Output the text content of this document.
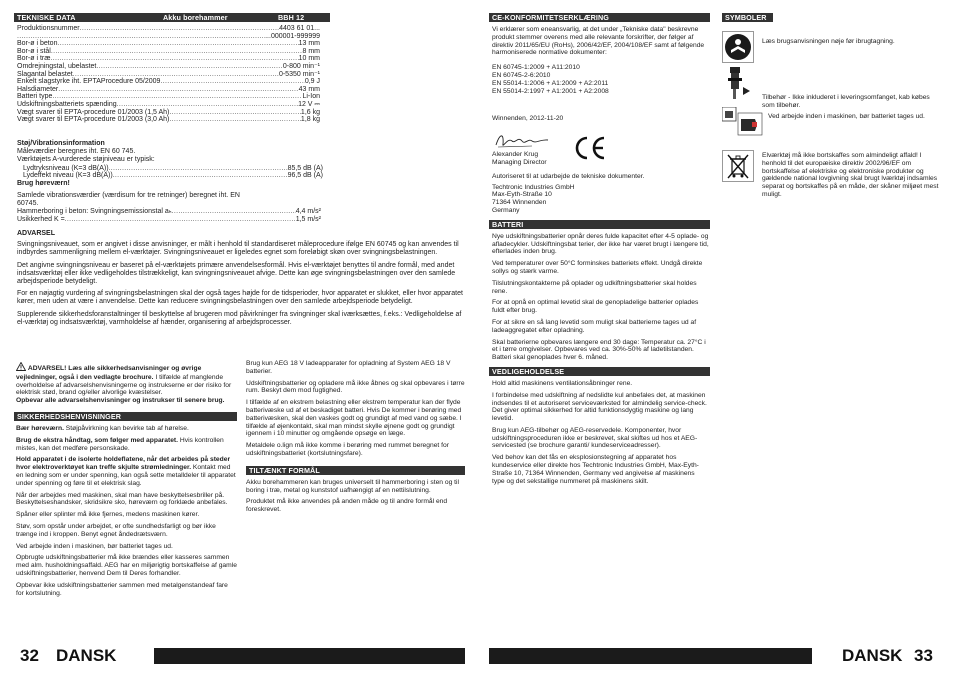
TEKNISKE DATA	Akku borehammer	BBH 12
Produktionsnummer .....	4403 61 01...
.....
...000001-999999
Bor-ø i beton .....	13 mm
Bor-ø i stål .....	8 mm
Bor-ø i træ .....	10 mm
Omdrejningstal, ubelastet .....	0-800 min⁻¹
Slagantal belastet .....	0-5350 min⁻¹
Enkelt slagstyrke iht. EPTAProcedure 05/2009 .....	0,9 J
Halsdiameter .....	43 mm
Batteri type .....	Li-Ion
Udskiftningsbatteriets spænding .....	12 V ⎓
Vægt svarer til EPTA-procedure 01/2003 (1,5 Ah) .....	1,6 kg
Vægt svarer til EPTA-procedure 01/2003 (3,0 Ah) .....	1,8 kg

Støj/Vibrationsinformation

Måleværdier beregnes iht. EN 60 745.

Værktøjets A-vurderede støjniveau er typisk:

Lydtryksniveau (K=3 dB(A)) .....	85,5 dB (A)
Lydeffekt niveau (K=3 dB(A)) .....	96,5 dB (A)

Brug høreværn!

Samlede vibrationsværdier (værdisum for tre retninger) beregnet iht. EN 60745.

Hammerboring i beton: Svingningsemissionstal aₕ .....	4,4 m/s²
Usikkerhed K = .....	1,5 m/s²

ADVARSEL

Svingningsniveauet, som er angivet i disse anvisninger, er målt i henhold til standardiseret måleprocedure ifølge EN 60745 og kan anvendes til indbyrdes sammenligning mellem el-værktøjer. Svingningsniveauet er ligeledes egnet som foreløbigt skøn over svingningsbelastningen.

Det angivne svingningsniveau er baseret på el-værktøjets primære anvendelsesformål. Hvis el-værktøjet benyttes til andre formål, med andet indsatsværktøj eller ikke vedligeholdes tilstrækkeligt, kan svingningsniveauet afvige. Dette kan øge svingningsbelastningen over den samlede arbejdsperiode betydeligt.

For en nøjagtig vurdering af svingningsbelastningen skal der også tages højde for de tidsperioder, hvor apparatet er slukket, eller hvor apparatet kører, men uden at være i anvendelse. Dette kan reducere svingningsbelastningen over den samlede arbejdsperiode betydeligt.

Supplerende sikkerhedsforanstaltninger til beskyttelse af brugeren mod påvirkninger fra svingninger skal iværksættes, f.eks.: Vedligeholdelse af el-værktøj og indsatsværktøj, varmholdelse af hænder, organisering af arbejdsprocesser.

ADVARSEL! Læs alle sikkerhedsanvisninger og øvrige vejledninger, også i den vedlagte brochure. I tilfælde af manglende overholdelse af advarselshenvisningerne og instrukserne er der risiko for elektrisk stød, brand og/eller alvorlige kvæstelser.
Opbevar alle advarselshenvisninger og instrukser til senere brug.

SIKKERHEDSHENVISNINGER

Bær høreværn. Støjpåvirkning kan bevirke tab af hørelse.

Brug de ekstra håndtag, som følger med apparatet. Hvis kontrollen mistes, kan det medføre personskade.

Hold apparatet i de isolerte holdeflatene, når det arbeides på steder hvor elektroverktøyet kan treffe skjulte strømledninger. Kontakt med en ledning som er under spenning, kan også sette metalldeler til apparatet under spenning og føre til et elektrisk slag.

Når der arbejdes med maskinen, skal man have beskyttelsesbriller på. Beskyttelseshandsker, skridsikre sko, høreværn og forklæde anbefales.

Spåner eller splinter må ikke fjernes, medens maskinen kører.

Støv, som opstår under arbejdet, er ofte sundhedsfarligt og bør ikke trænge ind i kroppen. Benyt egnet åndedrætsværn.

Ved arbejde inden i maskinen, bør batteriet tages ud.

Opbrugte udskiftningsbatterier må ikke brændes eller kasseres sammen med alm. husholdningsaffald. AEG har en miljørigtig bortskaffelse af gamle udskiftningsbatterier, henvend Dem til Deres forhandler.

Opbevar ikke udskiftningsbatterier sammen med metalgenstandeaf fare for kortslutning.

Brug kun AEG 18 V ladeapparater for opladning af System AEG 18 V batterier.

Udskiftningsbatterier og opladere må ikke åbnes og skal opbevares i tørre rum. Beskyt dem mod fugtighed.

I tilfælde af en ekstrem belastning eller ekstrem temperatur kan der flyde batterivæske ud af et beskadiget batteri. Hvis De kommer i berøring med batterivæsken, skal den vaskes godt og grundigt af med vand og sæbe. I tilfælde af øjenkontakt, skal man mindst skylle øjnene godt og grundigt igennem i 10 minutter og omgående opsøge en læge.

Metaldele o.lign må ikke komme i berøring med rummet beregnet for udskiftningsbatteriet (kortslutningsfare).

TILTÆNKT FORMÅL

Akku borehammeren kan bruges universelt til hammerboring i sten og til boring i træ, metal og kunststof uafhængigt af en nettilslutning.

Produktet må ikke anvendes på anden måde og til andre formål end foreskrevet.

32 DANSK
CE-KONFORMITETSERKLÆRING

Vi erklærer som eneansvarlig, at det under „Tekniske data" beskrevne produkt stemmer overens med alle relevante forskrifter, der følger af direktiv 2011/65/EU (RoHs), 2006/42/EF, 2004/108/EF samt af følgende harmoniserede normative dokumenter:

EN 60745-1:2009 + A11:2010

EN 60745-2-6:2010

EN 55014-1:2006 + A1:2009 + A2:2011

EN 55014-2:1997 + A1:2001 + A2:2008

Winnenden, 2012-11-20

Alexander Krug

Managing Director

Autoriseret til at udarbejde de tekniske dokumenter.

Techtronic Industries GmbH

Max-Eyth-Straße 10

71364 Winnenden

Germany

BATTERI

Nye udskiftningsbatterier opnår deres fulde kapacitet efter 4-5 oplade- og afladecykler. Udskiftningsbat terier, der ikke har været brugt i længere tid, efterlades inden brug.

Ved temperaturer over 50°C forminskes batteriets effekt. Undgå direkte sollys og stærk varme.

Tilslutningskontakterne på oplader og udkiftningsbatterier skal holdes rene.

For at opnå en optimal levetid skal de genopladelige batterier oplades fuldt efter brug.

For at sikre en så lang levetid som muligt skal batterierne tages ud af ladeaggregatet efter opladning.

Skal batterierne opbevares længere end 30 dage: Temperatur ca. 27°C i et i tørre omgivelser. Opbevares ved ca. 30%-50% af ladetilstanden. Batteri skal genoplades hver 6. måned.

VEDLIGEHOLDELSE

Hold altid maskinens ventilationsåbninger rene.

I forbindelse med udskiftning af nedslidte kul anbefales det, at maskinen indsendes til et autoriseret serviceværksted for almindelig service-check. Det giver optimal sikkerhed for altid funktionsdygtig maskine og lang levetid.

Brug kun AEG-tilbehør og AEG-reservedele. Komponenter, hvor udskiftningsproceduren ikke er beskrevet, skal skiftes ud hos et AEG-servicested (se brochure garanti/ kundeserviceadresser).

Ved behov kan det fås en eksplosionstegning af apparatet hos kundeservice eller direkte hos Techtronic Industries GmbH, Max-Eyth-Straße 10, 71364 Winnenden, Germany ved angivelse af maskinens type og det sekstallige nummeret på maskinens skilt.

SYMBOLER

Læs brugsanvisningen nøje før ibrugtagning.

Tilbehør - Ikke inkluderet i leveringsomfanget, kab købes som tilbehør.

Ved arbejde inden i maskinen, bør batteriet tages ud.

Elværktøj må ikke bortskaffes som almindeligt affald! I henhold til det europæiske direktiv 2002/96/EF om bortskaffelse af elektriske og elektroniske produkter og gældende national lovgivning skal brugt lværktøj indsamles separat og bortskaffes på en måde, der skåner miljøet mest muligt.

DANSK 33
